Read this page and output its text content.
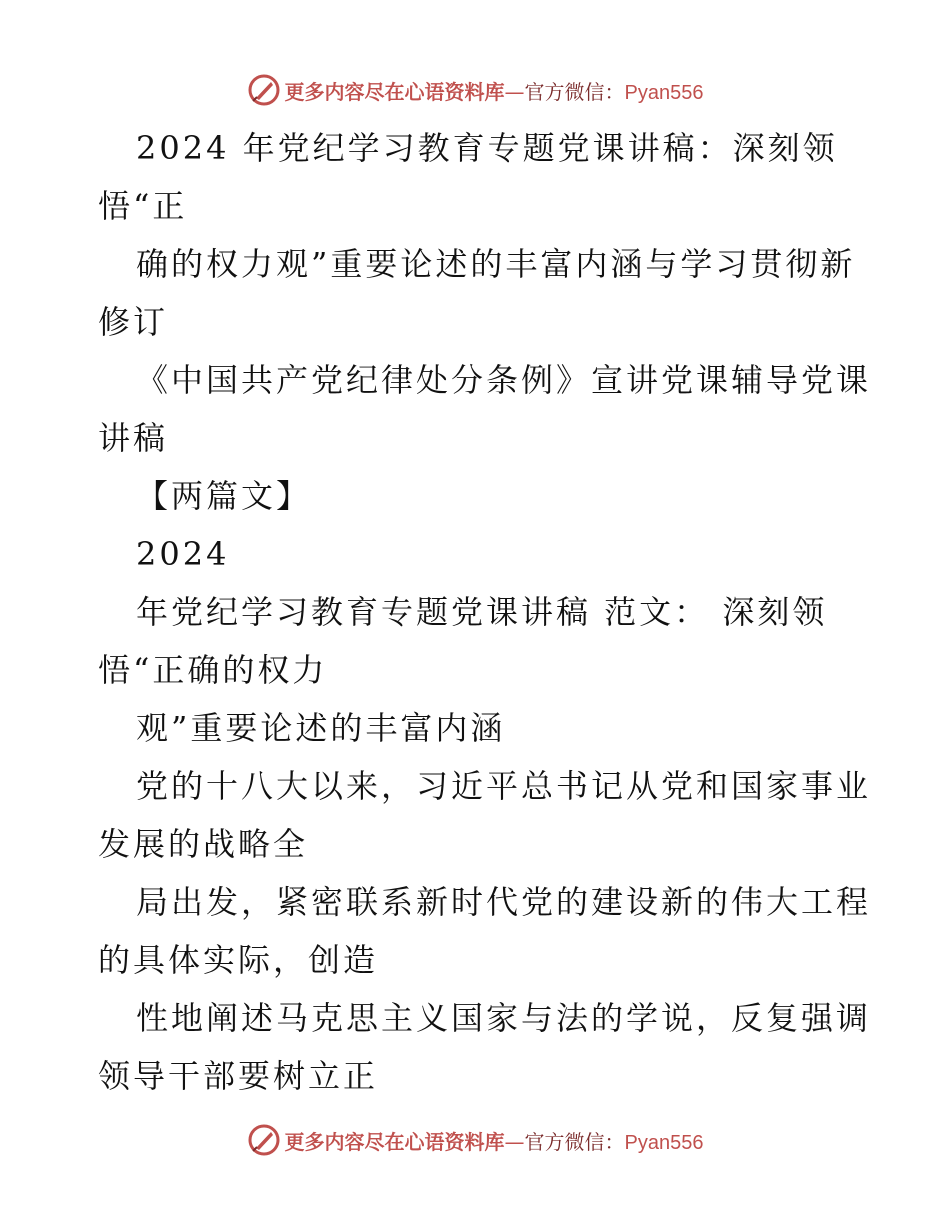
更多内容尽在心语资料库—官方微信：Pyan556
2024 年党纪学习教育专题党课讲稿：深刻领
悟“正
确的权力观”重要论述的丰富内涵与学习贯彻新
修订
《中国共产党纪律处分条例》宣讲党课辅导党课
讲稿
【两篇文】
2024
年党纪学习教育专题党课讲稿 范文： 深刻领
悟“正确的权力
观”重要论述的丰富内涵
党的十八大以来，习近平总书记从党和国家事业
发展的战略全
局出发，紧密联系新时代党的建设新的伟大工程
的具体实际，创造
性地阐述马克思主义国家与法的学说，反复强调
领导干部要树立正
更多内容尽在心语资料库—官方微信：Pyan556
